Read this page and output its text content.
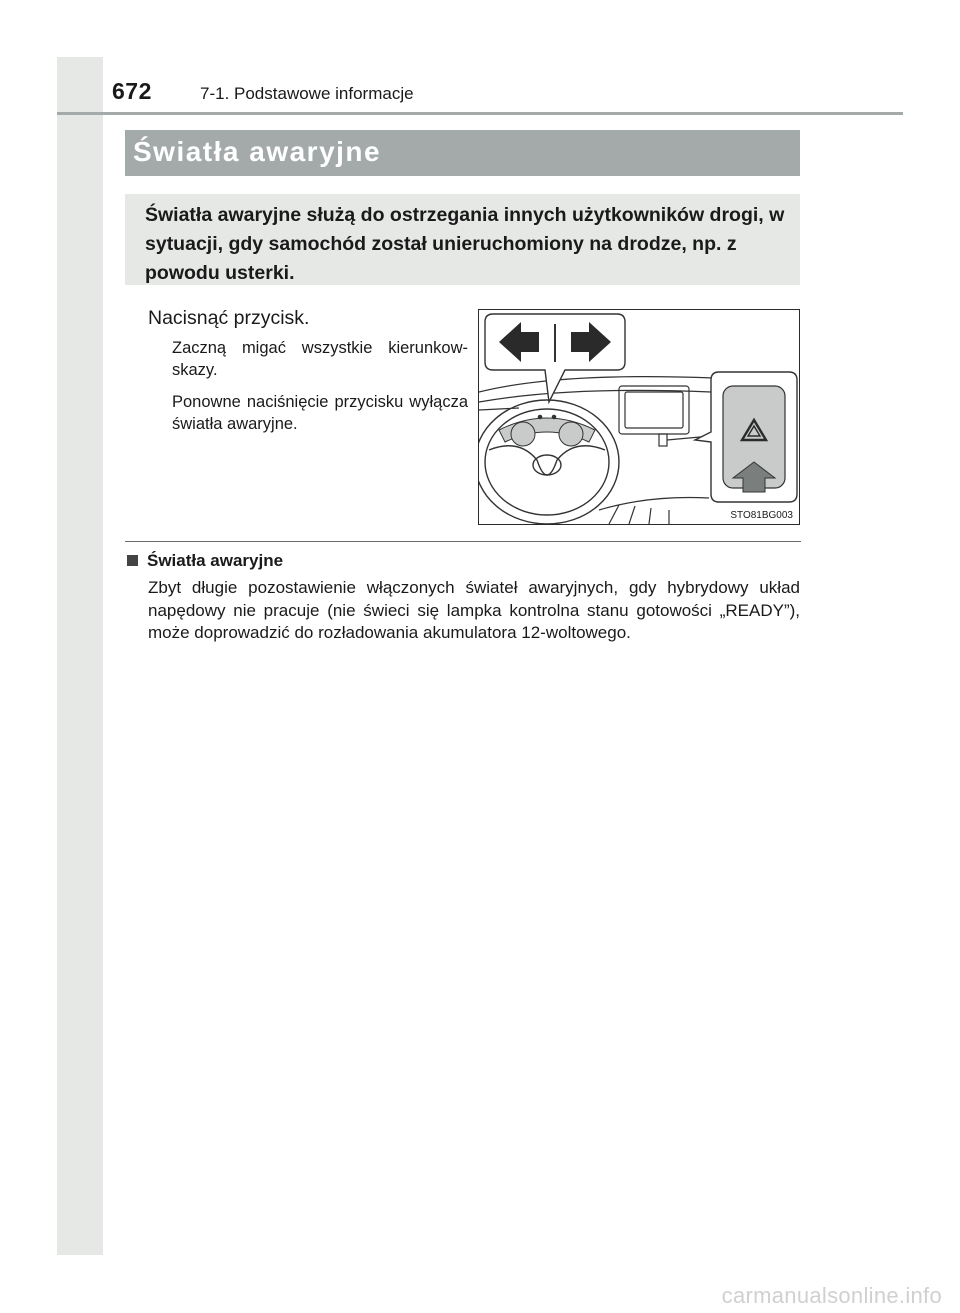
672	7-1. Podstawowe informacje
Światła awaryjne
Światła awaryjne służą do ostrzegania innych użytkowników drogi, w sytuacji, gdy samochód został unieruchomiony na drodze, np. z powodu usterki.

Nacisnąć przycisk.

Zaczną migać wszystkie kierunkow-skazy.

Ponowne naciśnięcie przycisku wyłącza światła awaryjne.

STO81BG003
Światła awaryjne
Zbyt długie pozostawienie włączonych świateł awaryjnych, gdy hybrydowy układ napędowy nie pracuje (nie świeci się lampka kontrolna stanu gotowości „READY”), może doprowadzić do rozładowania akumulatora 12-woltowego.
carmanualsonline.info
